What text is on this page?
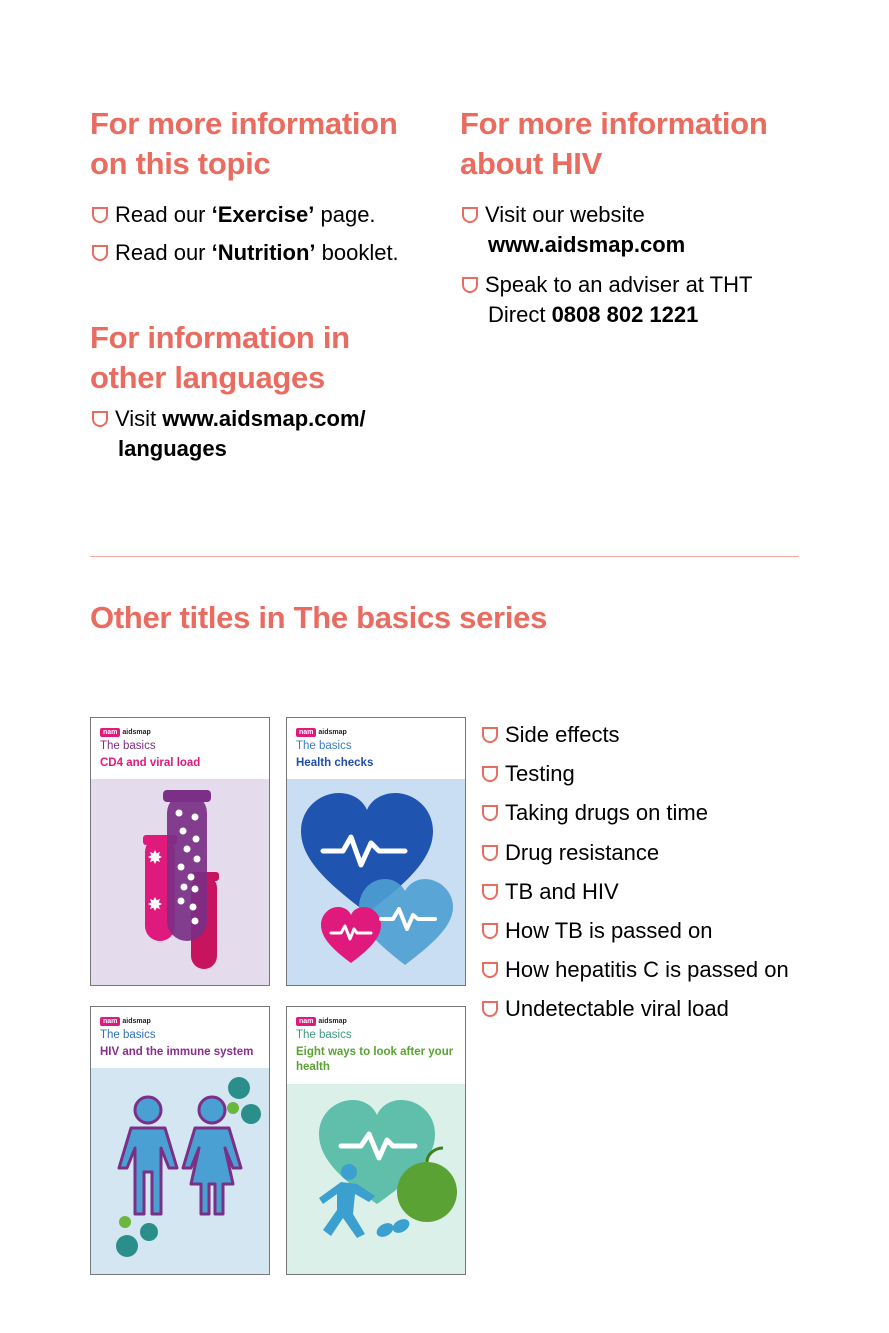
For more information on this topic
Read our ‘Exercise’ page.
Read our ‘Nutrition’ booklet.
For information in other languages
Visit www.aidsmap.com/
languages
For more information about HIV
Visit our website
www.aidsmap.com
Speak to an adviser at THT
Direct 0808 802 1221
Other titles in The basics series
nam aidsmap
The basics
CD4 and viral load
nam aidsmap
The basics
Health checks
nam aidsmap
The basics
HIV and the immune system
nam aidsmap
The basics
Eight ways to look after your health
Side effects
Testing
Taking drugs on time
Drug resistance
TB and HIV
How TB is passed on
How hepatitis C is passed on
Undetectable viral load
